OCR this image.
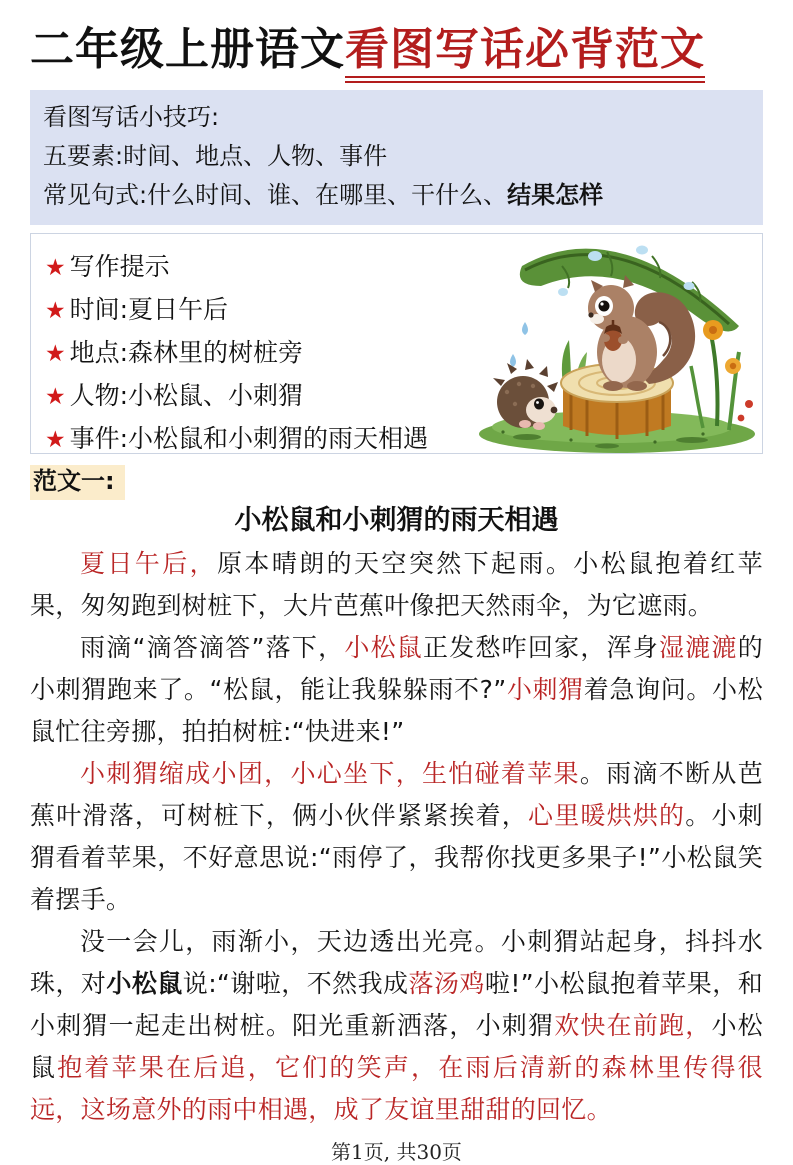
二年级上册语文看图写话必背范文
看图写话小技巧:
五要素:时间、地点、人物、事件
常见句式:什么时间、谁、在哪里、干什么、结果怎样
★ 写作提示
★ 时间:夏日午后
★ 地点:森林里的树桩旁
★ 人物:小松鼠、小刺猬
★ 事件:小松鼠和小刺猬的雨天相遇
范文一:
小松鼠和小刺猬的雨天相遇

夏日午后，原本晴朗的天空突然下起雨。小松鼠抱着红苹果，匆匆跑到树桩下，大片芭蕉叶像把天然雨伞，为它遮雨。

雨滴“滴答滴答”落下，小松鼠正发愁咋回家，浑身湿漉漉的小刺猬跑来了。“松鼠，能让我躲躲雨不?”小刺猬着急询问。小松鼠忙往旁挪，拍拍树桩:“快进来!”

小刺猬缩成小团，小心坐下，生怕碰着苹果。雨滴不断从芭蕉叶滑落，可树桩下，俩小伙伴紧紧挨着，心里暖烘烘的。小刺猬看着苹果，不好意思说:“雨停了，我帮你找更多果子!”小松鼠笑着摆手。

没一会儿，雨渐小，天边透出光亮。小刺猬站起身，抖抖水珠，对小松鼠说:“谢啦，不然我成落汤鸡啦!”小松鼠抱着苹果，和小刺猬一起走出树桩。阳光重新洒落，小刺猬欢快在前跑，小松鼠抱着苹果在后追，它们的笑声，在雨后清新的森林里传得很远，这场意外的雨中相遇，成了友谊里甜甜的回忆。

第1页, 共30页
